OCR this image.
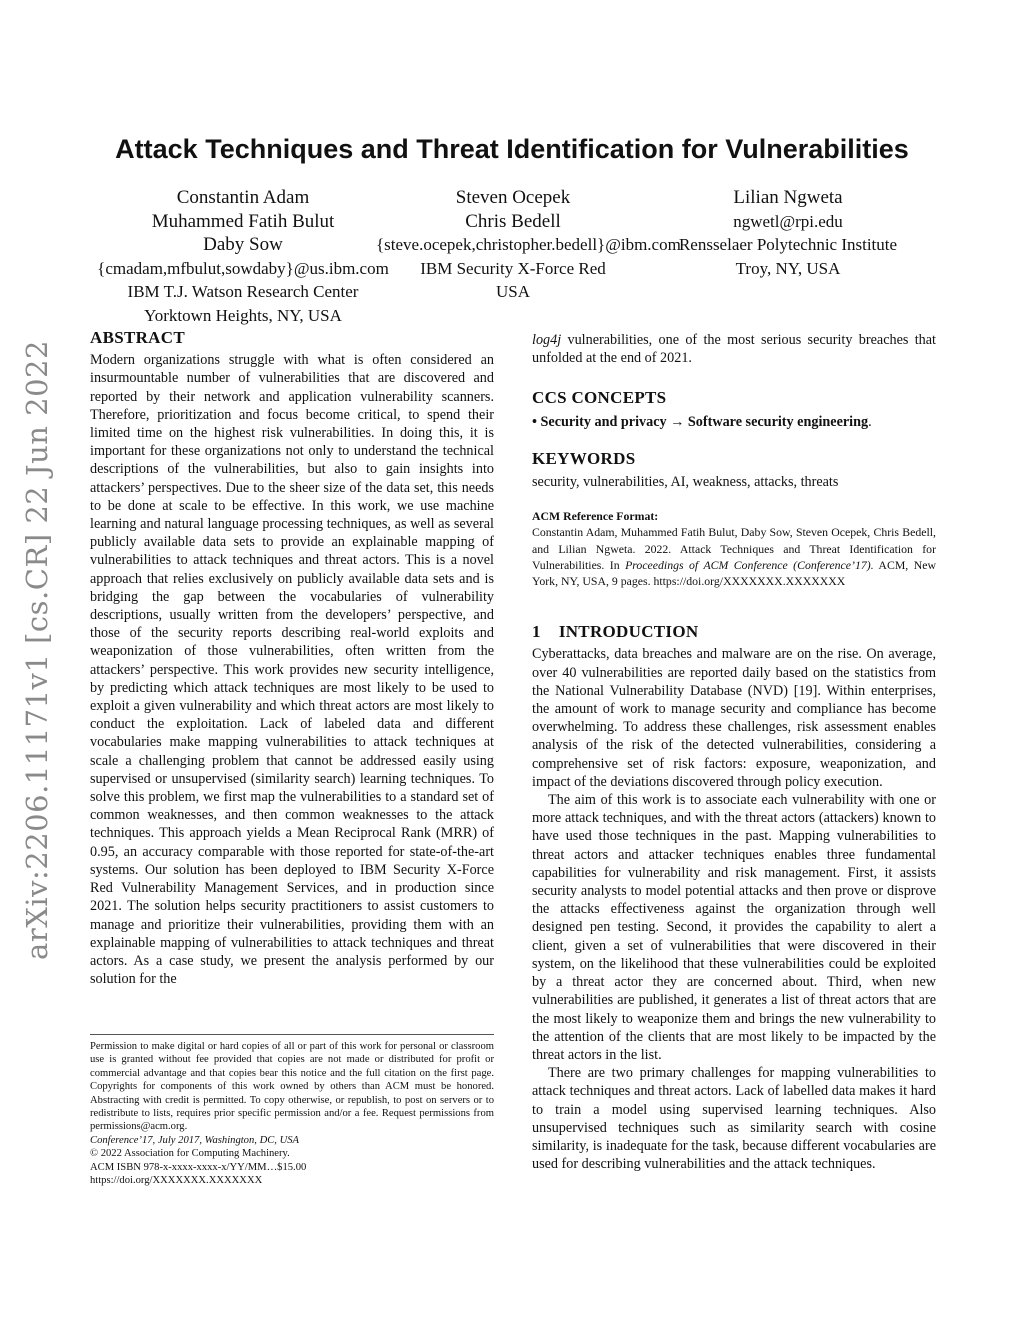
arXiv:2206.11171v1 [cs.CR] 22 Jun 2022
Attack Techniques and Threat Identification for Vulnerabilities
Constantin Adam
Muhammed Fatih Bulut
Daby Sow
{cmadam,mfbulut,sowdaby}@us.ibm.com
IBM T.J. Watson Research Center
Yorktown Heights, NY, USA
Steven Ocepek
Chris Bedell
{steve.ocepek,christopher.bedell}@ibm.com
IBM Security X-Force Red
USA
Lilian Ngweta
ngwetl@rpi.edu
Rensselaer Polytechnic Institute
Troy, NY, USA

ABSTRACT

Modern organizations struggle with what is often considered an insurmountable number of vulnerabilities that are discovered and reported by their network and application vulnerability scanners. Therefore, prioritization and focus become critical, to spend their limited time on the highest risk vulnerabilities. In doing this, it is important for these organizations not only to understand the technical descriptions of the vulnerabilities, but also to gain insights into attackers’ perspectives. Due to the sheer size of the data set, this needs to be done at scale to be effective. In this work, we use machine learning and natural language processing techniques, as well as several publicly available data sets to provide an explainable mapping of vulnerabilities to attack techniques and threat actors. This is a novel approach that relies exclusively on publicly available data sets and is bridging the gap between the vocabularies of vulnerability descriptions, usually written from the developers’ perspective, and those of the security reports describing real-world exploits and weaponization of those vulnerabilities, often written from the attackers’ perspective. This work provides new security intelligence, by predicting which attack techniques are most likely to be used to exploit a given vulnerability and which threat actors are most likely to conduct the exploitation. Lack of labeled data and different vocabularies make mapping vulnerabilities to attack techniques at scale a challenging problem that cannot be addressed easily using supervised or unsupervised (similarity search) learning techniques. To solve this problem, we first map the vulnerabilities to a standard set of common weaknesses, and then common weaknesses to the attack techniques. This approach yields a Mean Reciprocal Rank (MRR) of 0.95, an accuracy comparable with those reported for state-of-the-art systems. Our solution has been deployed to IBM Security X-Force Red Vulnerability Management Services, and in production since 2021. The solution helps security practitioners to assist customers to manage and prioritize their vulnerabilities, providing them with an explainable mapping of vulnerabilities to attack techniques and threat actors. As a case study, we present the analysis performed by our solution for the

log4j vulnerabilities, one of the most serious security breaches that unfolded at the end of 2021.

CCS CONCEPTS

• Security and privacy → Software security engineering.

KEYWORDS

security, vulnerabilities, AI, weakness, attacks, threats

ACM Reference Format:

Constantin Adam, Muhammed Fatih Bulut, Daby Sow, Steven Ocepek, Chris Bedell, and Lilian Ngweta. 2022. Attack Techniques and Threat Identification for Vulnerabilities. In Proceedings of ACM Conference (Conference’17). ACM, New York, NY, USA, 9 pages. https://doi.org/XXXXXXX.XXXXXXX

1 INTRODUCTION

Cyberattacks, data breaches and malware are on the rise. On average, over 40 vulnerabilities are reported daily based on the statistics from the National Vulnerability Database (NVD) [19]. Within enterprises, the amount of work to manage security and compliance has become overwhelming. To address these challenges, risk assessment enables analysis of the risk of the detected vulnerabilities, considering a comprehensive set of risk factors: exposure, weaponization, and impact of the deviations discovered through policy execution.

The aim of this work is to associate each vulnerability with one or more attack techniques, and with the threat actors (attackers) known to have used those techniques in the past. Mapping vulnerabilities to threat actors and attacker techniques enables three fundamental capabilities for vulnerability and risk management. First, it assists security analysts to model potential attacks and then prove or disprove the attacks effectiveness against the organization through well designed pen testing. Second, it provides the capability to alert a client, given a set of vulnerabilities that were discovered in their system, on the likelihood that these vulnerabilities could be exploited by a threat actor they are concerned about. Third, when new vulnerabilities are published, it generates a list of threat actors that are the most likely to weaponize them and brings the new vulnerability to the attention of the clients that are most likely to be impacted by the threat actors in the list.

There are two primary challenges for mapping vulnerabilities to attack techniques and threat actors. Lack of labelled data makes it hard to train a model using supervised learning techniques. Also unsupervised techniques such as similarity search with cosine similarity, is inadequate for the task, because different vocabularies are used for describing vulnerabilities and the attack techniques.

Permission to make digital or hard copies of all or part of this work for personal or classroom use is granted without fee provided that copies are not made or distributed for profit or commercial advantage and that copies bear this notice and the full citation on the first page. Copyrights for components of this work owned by others than ACM must be honored. Abstracting with credit is permitted. To copy otherwise, or republish, to post on servers or to redistribute to lists, requires prior specific permission and/or a fee. Request permissions from permissions@acm.org.

Conference’17, July 2017, Washington, DC, USA

© 2022 Association for Computing Machinery.

ACM ISBN 978-x-xxxx-xxxx-x/YY/MM…$15.00

https://doi.org/XXXXXXX.XXXXXXX
